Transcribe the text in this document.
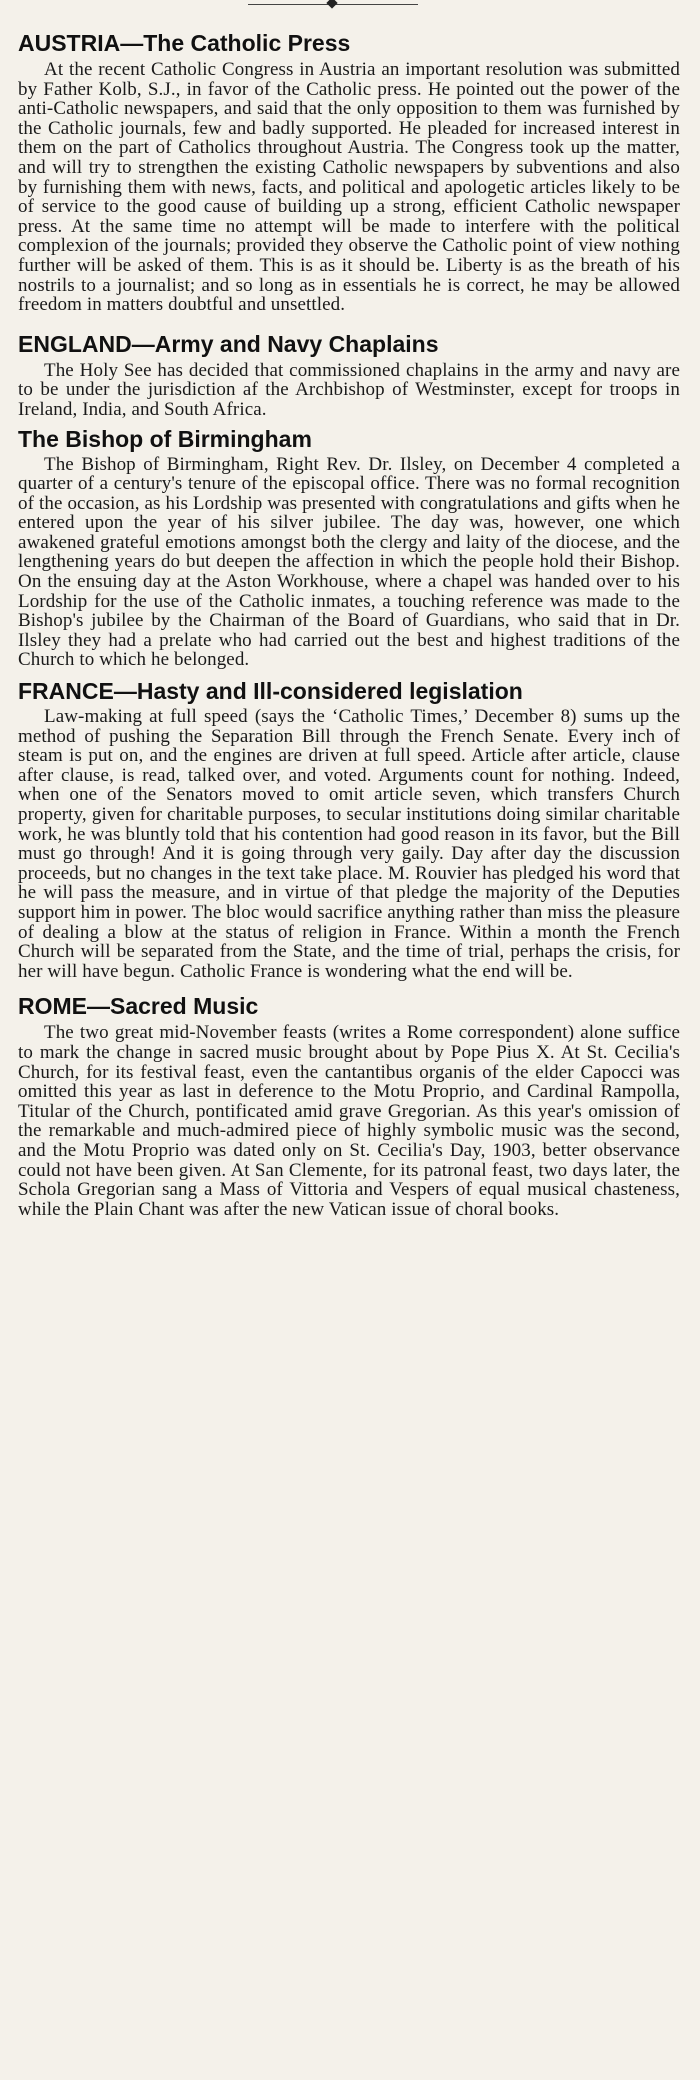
AUSTRIA—The Catholic Press

At the recent Catholic Congress in Austria an important resolution was submitted by Father Kolb, S.J., in favor of the Catholic press. He pointed out the power of the anti-Catholic newspapers, and said that the only opposition to them was furnished by the Catholic journals, few and badly supported. He pleaded for increased interest in them on the part of Catholics throughout Austria. The Congress took up the matter, and will try to strengthen the existing Catholic newspapers by subventions and also by furnishing them with news, facts, and political and apologetic articles likely to be of service to the good cause of building up a strong, efficient Catholic newspaper press. At the same time no attempt will be made to interfere with the political complexion of the journals; provided they observe the Catholic point of view nothing further will be asked of them. This is as it should be. Liberty is as the breath of his nostrils to a journalist; and so long as in essentials he is correct, he may be allowed freedom in matters doubtful and unsettled.

ENGLAND—Army and Navy Chaplains

The Holy See has decided that commissioned chaplains in the army and navy are to be under the jurisdiction af the Archbishop of Westminster, except for troops in Ireland, India, and South Africa.

The Bishop of Birmingham

The Bishop of Birmingham, Right Rev. Dr. Ilsley, on December 4 completed a quarter of a century's tenure of the episcopal office. There was no formal recognition of the occasion, as his Lordship was presented with congratulations and gifts when he entered upon the year of his silver jubilee. The day was, however, one which awakened grateful emotions amongst both the clergy and laity of the diocese, and the lengthening years do but deepen the affection in which the people hold their Bishop. On the ensuing day at the Aston Workhouse, where a chapel was handed over to his Lordship for the use of the Catholic inmates, a touching reference was made to the Bishop's jubilee by the Chairman of the Board of Guardians, who said that in Dr. Ilsley they had a prelate who had carried out the best and highest traditions of the Church to which he belonged.

FRANCE—Hasty and Ill-considered legislation

Law-making at full speed (says the ‘Catholic Times,’ December 8) sums up the method of pushing the Separation Bill through the French Senate. Every inch of steam is put on, and the engines are driven at full speed. Article after article, clause after clause, is read, talked over, and voted. Arguments count for nothing. Indeed, when one of the Senators moved to omit article seven, which transfers Church property, given for charitable purposes, to secular institutions doing similar charitable work, he was bluntly told that his contention had good reason in its favor, but the Bill must go through! And it is going through very gaily. Day after day the discussion proceeds, but no changes in the text take place. M. Rouvier has pledged his word that he will pass the measure, and in virtue of that pledge the majority of the Deputies support him in power. The bloc would sacrifice anything rather than miss the pleasure of dealing a blow at the status of religion in France. Within a month the French Church will be separated from the State, and the time of trial, perhaps the crisis, for her will have begun. Catholic France is wondering what the end will be.

ROME—Sacred Music

The two great mid-November feasts (writes a Rome correspondent) alone suffice to mark the change in sacred music brought about by Pope Pius X. At St. Cecilia's Church, for its festival feast, even the cantantibus organis of the elder Capocci was omitted this year as last in deference to the Motu Proprio, and Cardinal Rampolla, Titular of the Church, pontificated amid grave Gregorian. As this year's omission of the remarkable and much-admired piece of highly symbolic music was the second, and the Motu Proprio was dated only on St. Cecilia's Day, 1903, better observance could not have been given. At San Clemente, for its patronal feast, two days later, the Schola Gregorian sang a Mass of Vittoria and Vespers of equal musical chasteness, while the Plain Chant was after the new Vatican issue of choral books.
